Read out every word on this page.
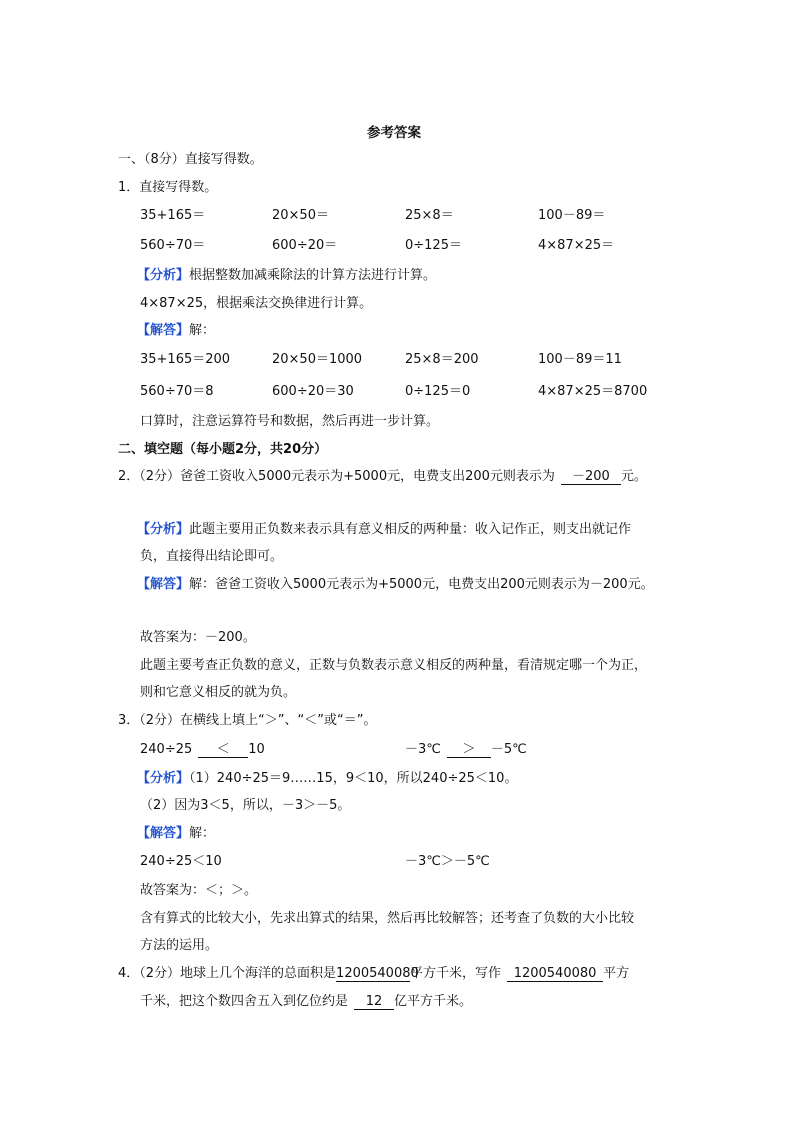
参考答案
一、（8分）直接写得数。
1．直接写得数。
35+165＝	20×50＝	25×8＝	100－89＝
560÷70＝	600÷20＝	0÷125＝	4×87×25＝
【分析】根据整数加减乘除法的计算方法进行计算。
4×87×25，根据乘法交换律进行计算。
【解答】解：
35+165＝200	20×50＝1000	25×8＝200	100－89＝11
560÷70＝8	600÷20＝30	0÷125＝0	4×87×25＝8700
口算时，注意运算符号和数据，然后再进一步计算。
二、填空题（每小题2分，共20分）
2．（2分）爸爸工资收入5000元表示为+5000元，电费支出200元则表示为 －200 元。
【分析】此题主要用正负数来表示具有意义相反的两种量：收入记作正，则支出就记作
负，直接得出结论即可。
【解答】解：爸爸工资收入5000元表示为+5000元，电费支出200元则表示为－200元。
故答案为：－200。
此题主要考查正负数的意义，正数与负数表示意义相反的两种量，看清规定哪一个为正，
则和它意义相反的就为负。
3．（2分）在横线上填上“＞”、“＜”或“＝”。
240÷25 ＜ 10	－3℃ ＞ －5℃
【分析】（1）240÷25＝9……15，9＜10，所以240÷25＜10。
（2）因为3＜5，所以，－3＞－5。
【解答】解：
240÷25＜10	－3℃＞－5℃
故答案为：＜；＞。
含有算式的比较大小，先求出算式的结果，然后再比较解答；还考查了负数的大小比较
方法的运用。
4．（2分）地球上几个海洋的总面积是1200540080平方千米，写作 1200540080 平方
千米，把这个数四舍五入到亿位约是 12 亿平方千米。
